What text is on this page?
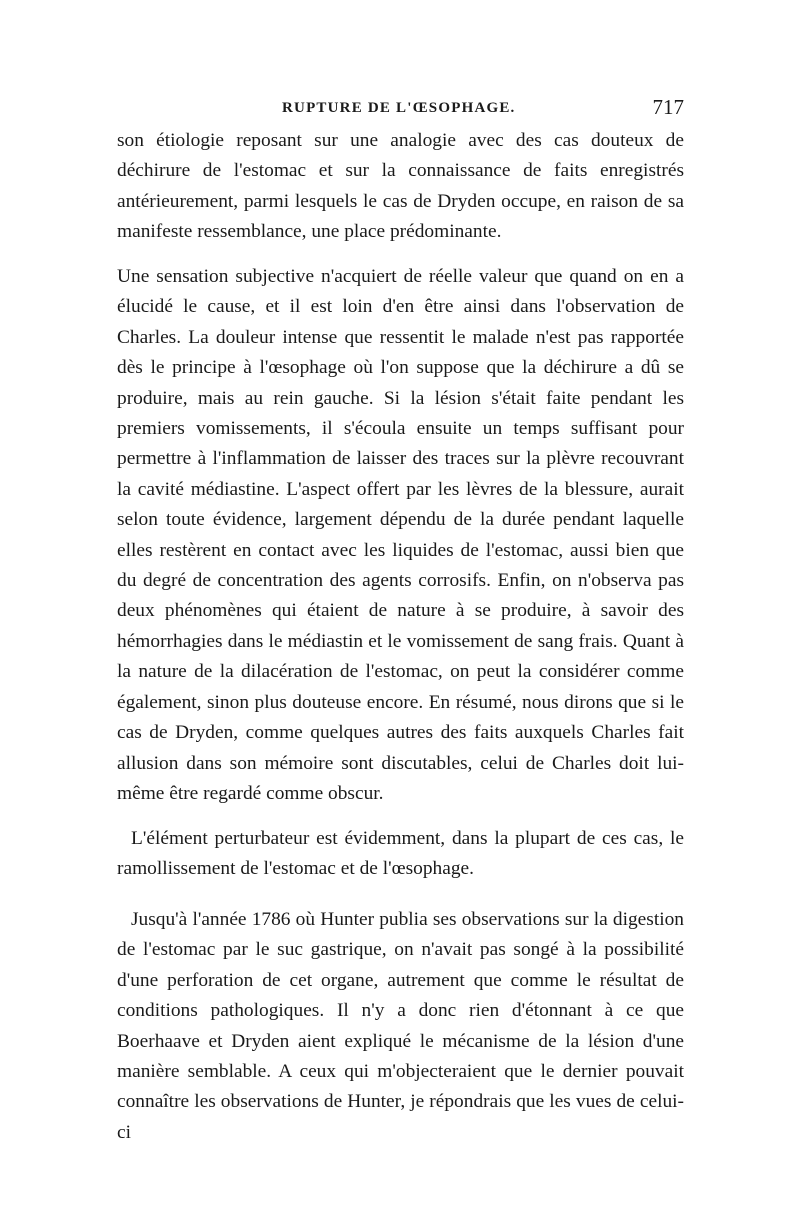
RUPTURE DE L'ŒSOPHAGE.	717

son étiologie reposant sur une analogie avec des cas douteux de déchirure de l'estomac et sur la connaissance de faits enregistrés antérieurement, parmi lesquels le cas de Dryden occupe, en raison de sa manifeste ressemblance, une place prédominante.

Une sensation subjective n'acquiert de réelle valeur que quand on en a élucidé le cause, et il est loin d'en être ainsi dans l'observation de Charles. La douleur intense que ressentit le malade n'est pas rapportée dès le principe à l'œsophage où l'on suppose que la déchirure a dû se produire, mais au rein gauche. Si la lésion s'était faite pendant les premiers vomissements, il s'écoula ensuite un temps suffisant pour permettre à l'inflammation de laisser des traces sur la plèvre recouvrant la cavité médiastine. L'aspect offert par les lèvres de la blessure, aurait selon toute évidence, largement dépendu de la durée pendant laquelle elles restèrent en contact avec les liquides de l'estomac, aussi bien que du degré de concentration des agents corrosifs. Enfin, on n'observa pas deux phénomènes qui étaient de nature à se produire, à savoir des hémorrhagies dans le médiastin et le vomissement de sang frais. Quant à la nature de la dilacération de l'estomac, on peut la considérer comme également, sinon plus douteuse encore. En résumé, nous dirons que si le cas de Dryden, comme quelques autres des faits auxquels Charles fait allusion dans son mémoire sont discutables, celui de Charles doit lui-même être regardé comme obscur.

L'élément perturbateur est évidemment, dans la plupart de ces cas, le ramollissement de l'estomac et de l'œsophage.

Jusqu'à l'année 1786 où Hunter publia ses observations sur la digestion de l'estomac par le suc gastrique, on n'avait pas songé à la possibilité d'une perforation de cet organe, autrement que comme le résultat de conditions pathologiques. Il n'y a donc rien d'étonnant à ce que Boerhaave et Dryden aient expliqué le mécanisme de la lésion d'une manière semblable. A ceux qui m'objecteraient que le dernier pouvait connaître les observations de Hunter, je répondrais que les vues de celui-ci
